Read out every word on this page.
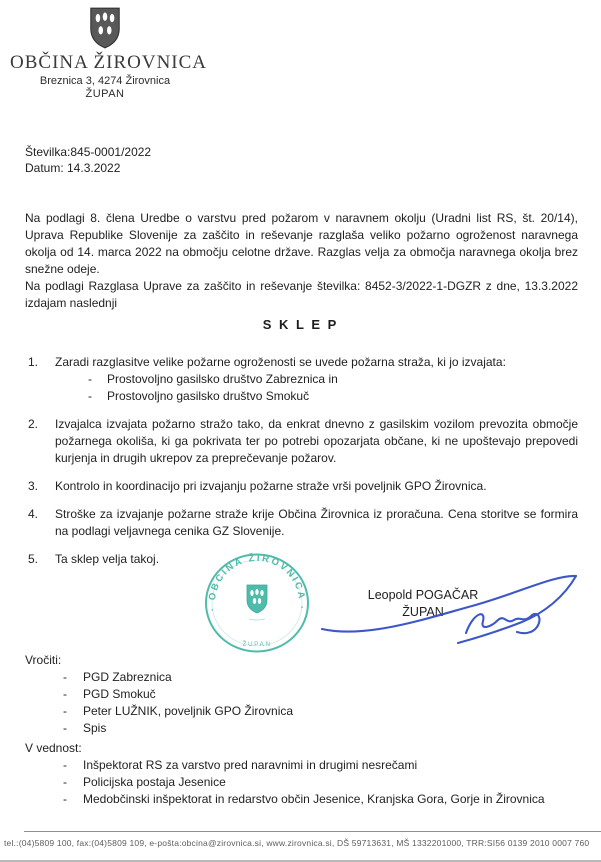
OBČINA ŽIROVNICA
Breznica 3, 4274 Žirovnica
ŽUPAN
Številka:845-0001/2022
Datum: 14.3.2022

Na podlagi 8. člena Uredbe o varstvu pred požarom v naravnem okolju (Uradni list RS, št. 20/14), Uprava Republike Slovenije za zaščito in reševanje razglaša veliko požarno ogroženost naravnega okolja od 14. marca 2022 na območju celotne države. Razglas velja za območja naravnega okolja brez snežne odeje.

Na podlagi Razglasa Uprave za zaščito in reševanje številka: 8452-3/2022-1-DGZR z dne, 13.3.2022 izdajam naslednji

S K L E P
1.	Zaradi razglasitve velike požarne ogroženosti se uvede požarna straža, ki jo izvajata:
-	Prostovoljno gasilsko društvo Zabreznica in
-	Prostovoljno gasilsko društvo Smokuč
2.	Izvajalca izvajata požarno stražo tako, da enkrat dnevno z gasilskim vozilom prevozita območje požarnega okoliša, ki ga pokrivata ter po potrebi opozarjata občane, ki ne upoštevajo prepovedi kurjenja in drugih ukrepov za preprečevanje požarov.
3.	Kontrolo in koordinacijo pri izvajanju požarne straže vrši poveljnik GPO Žirovnica.
4.	Stroške za izvajanje požarne straže krije Občina Žirovnica iz proračuna. Cena storitve se formira na podlagi veljavnega cenika GZ Slovenije.
5.	Ta sklep velja takoj.
· OBČINA ŽIROVNICA ·
ŽUPAN
Leopold POGAČAR
ŽUPAN
Vročiti:
-	PGD Zabreznica
-	PGD Smokuč
-	Peter LUŽNIK, poveljnik GPO Žirovnica
-	Spis
V vednost:
-	Inšpektorat RS za varstvo pred naravnimi in drugimi nesrečami
-	Policijska postaja Jesenice
-	Medobčinski inšpektorat in redarstvo občin Jesenice, Kranjska Gora, Gorje in Žirovnica
tel.:(04)5809 100, fax:(04)5809 109, e-pošta:obcina@zirovnica.si, www.zirovnica.si, DŠ 59713631, MŠ 1332201000, TRR:SI56 0139 2010 0007 760
